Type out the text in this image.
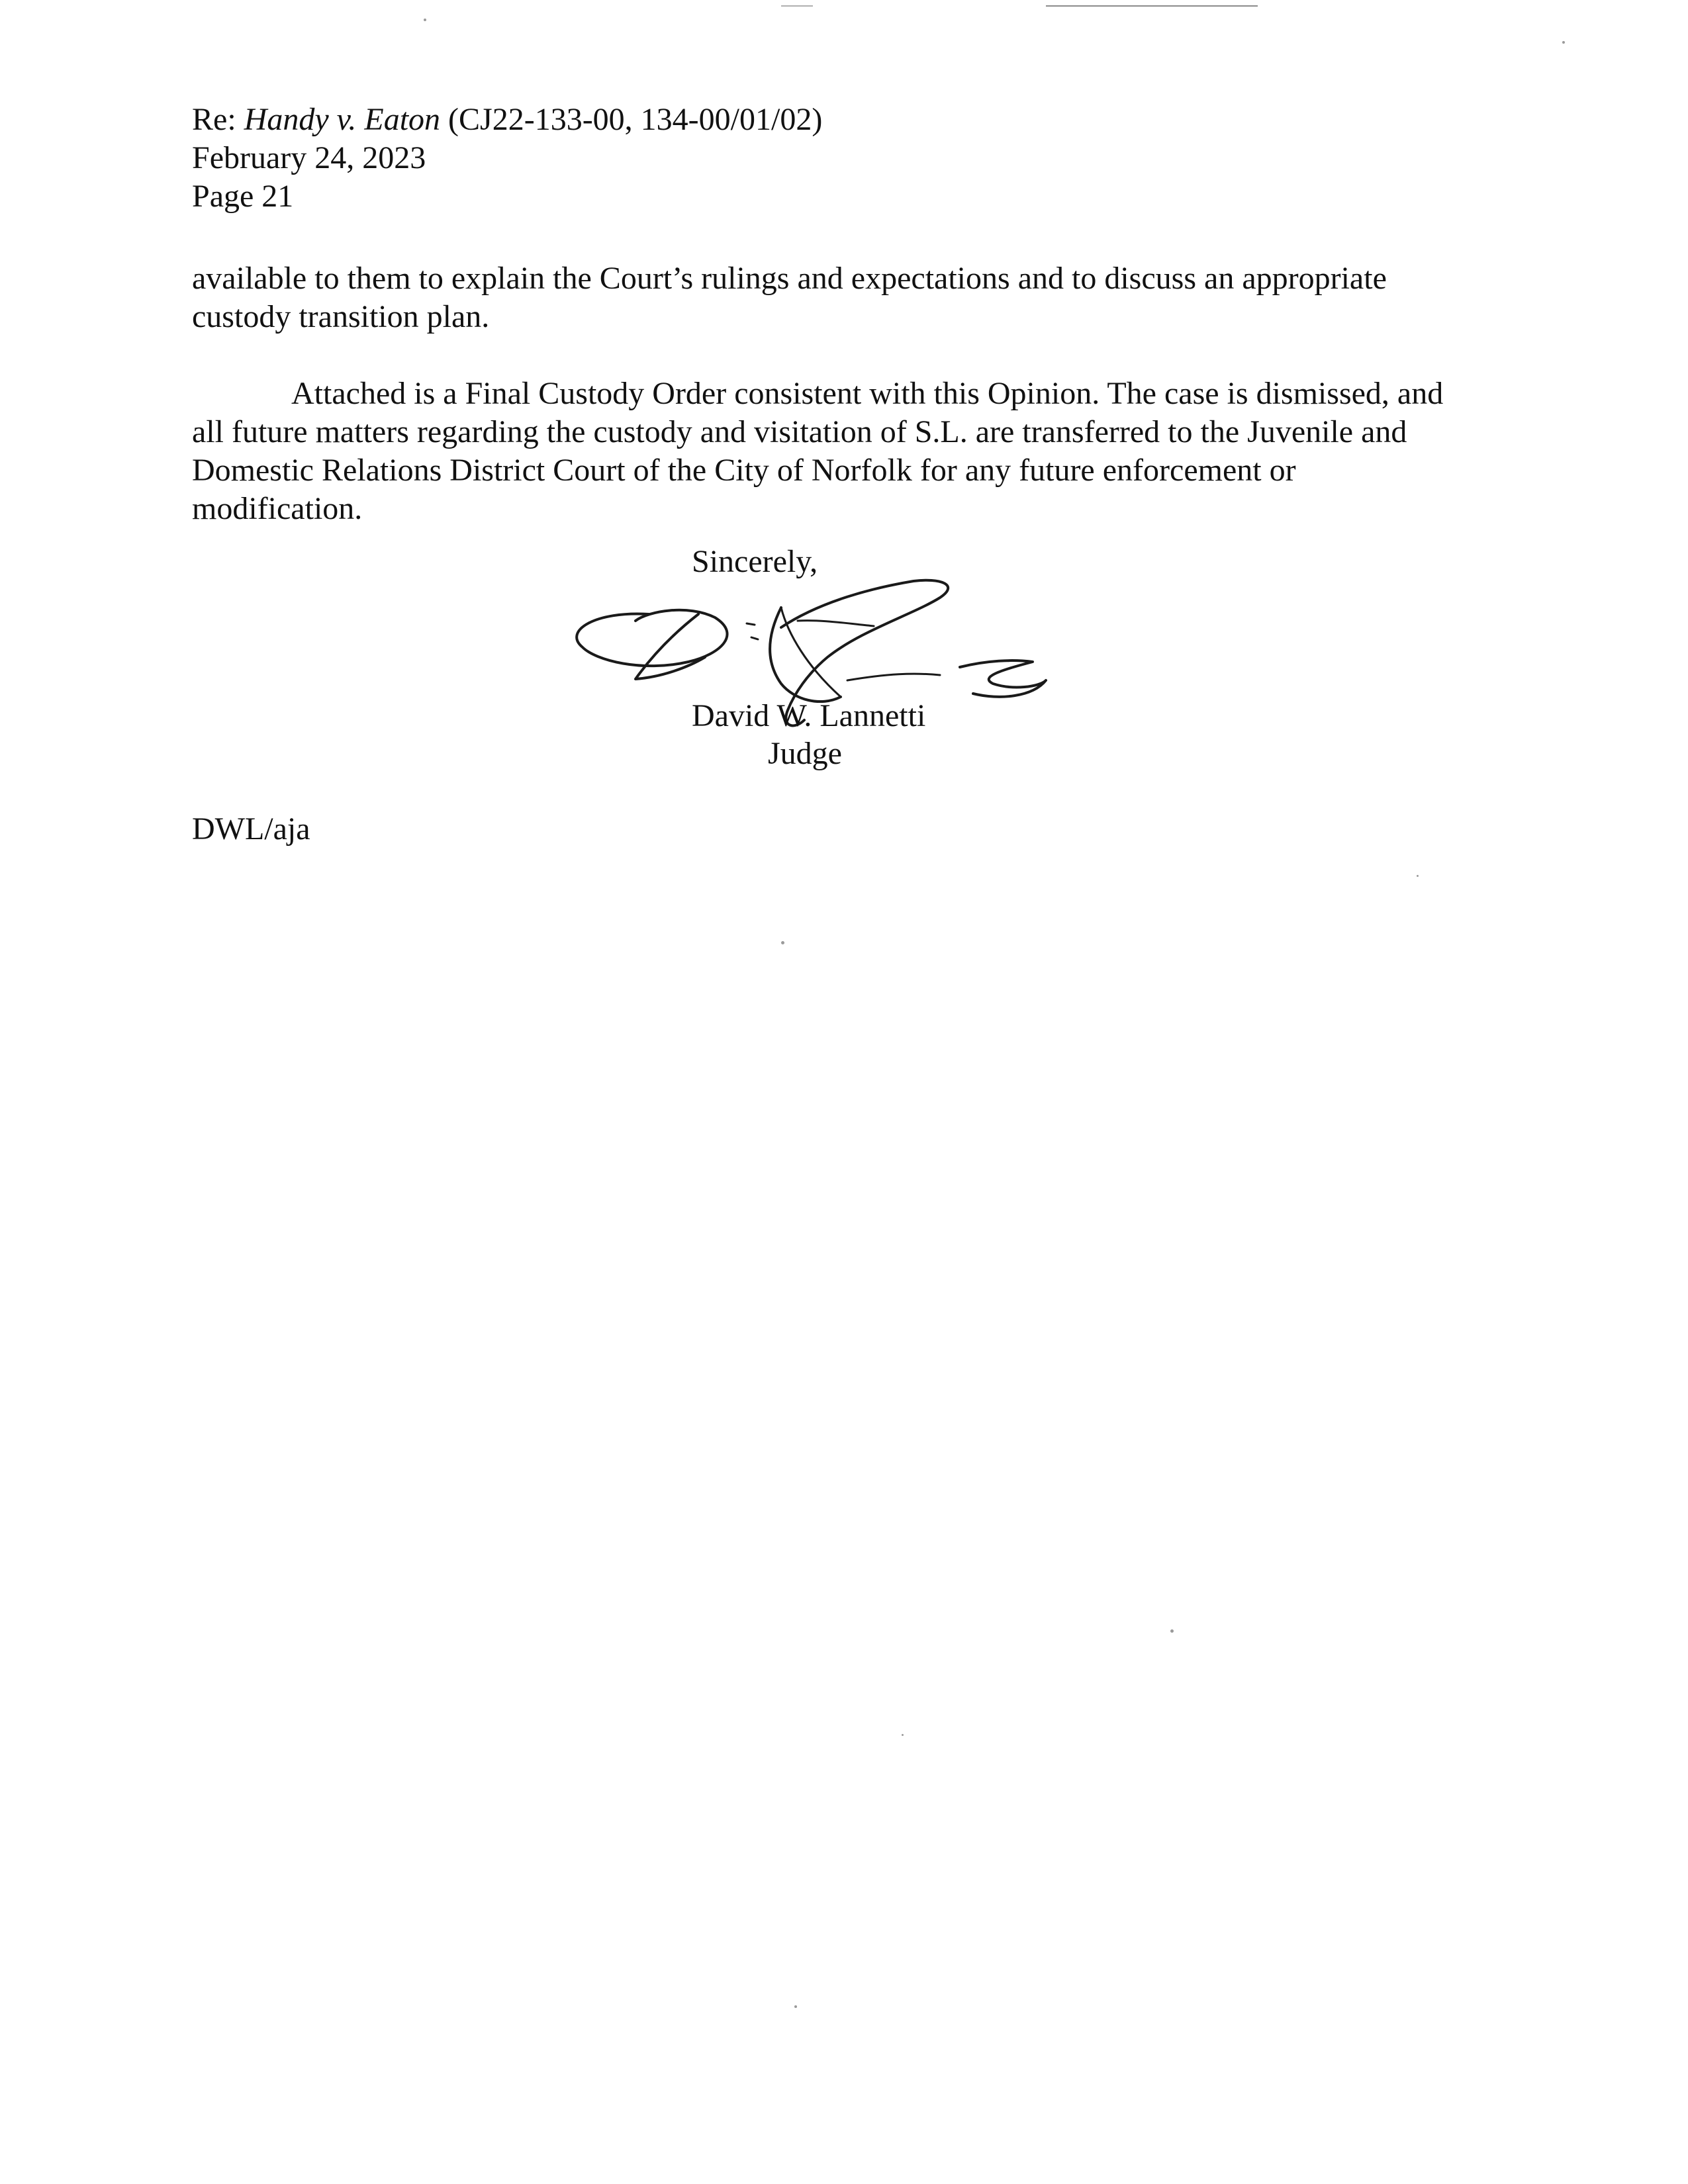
Re: Handy v. Eaton (CJ22-133-00, 134-00/01/02)
February 24, 2023
Page 21

available to them to explain the Court’s rulings and expectations and to discuss an appropriate custody transition plan.

Attached is a Final Custody Order consistent with this Opinion. The case is dismissed, and all future matters regarding the custody and visitation of S.L. are transferred to the Juvenile and Domestic Relations District Court of the City of Norfolk for any future enforcement or modification.

Sincerely,
David W. Lannetti
Judge
DWL/aja
